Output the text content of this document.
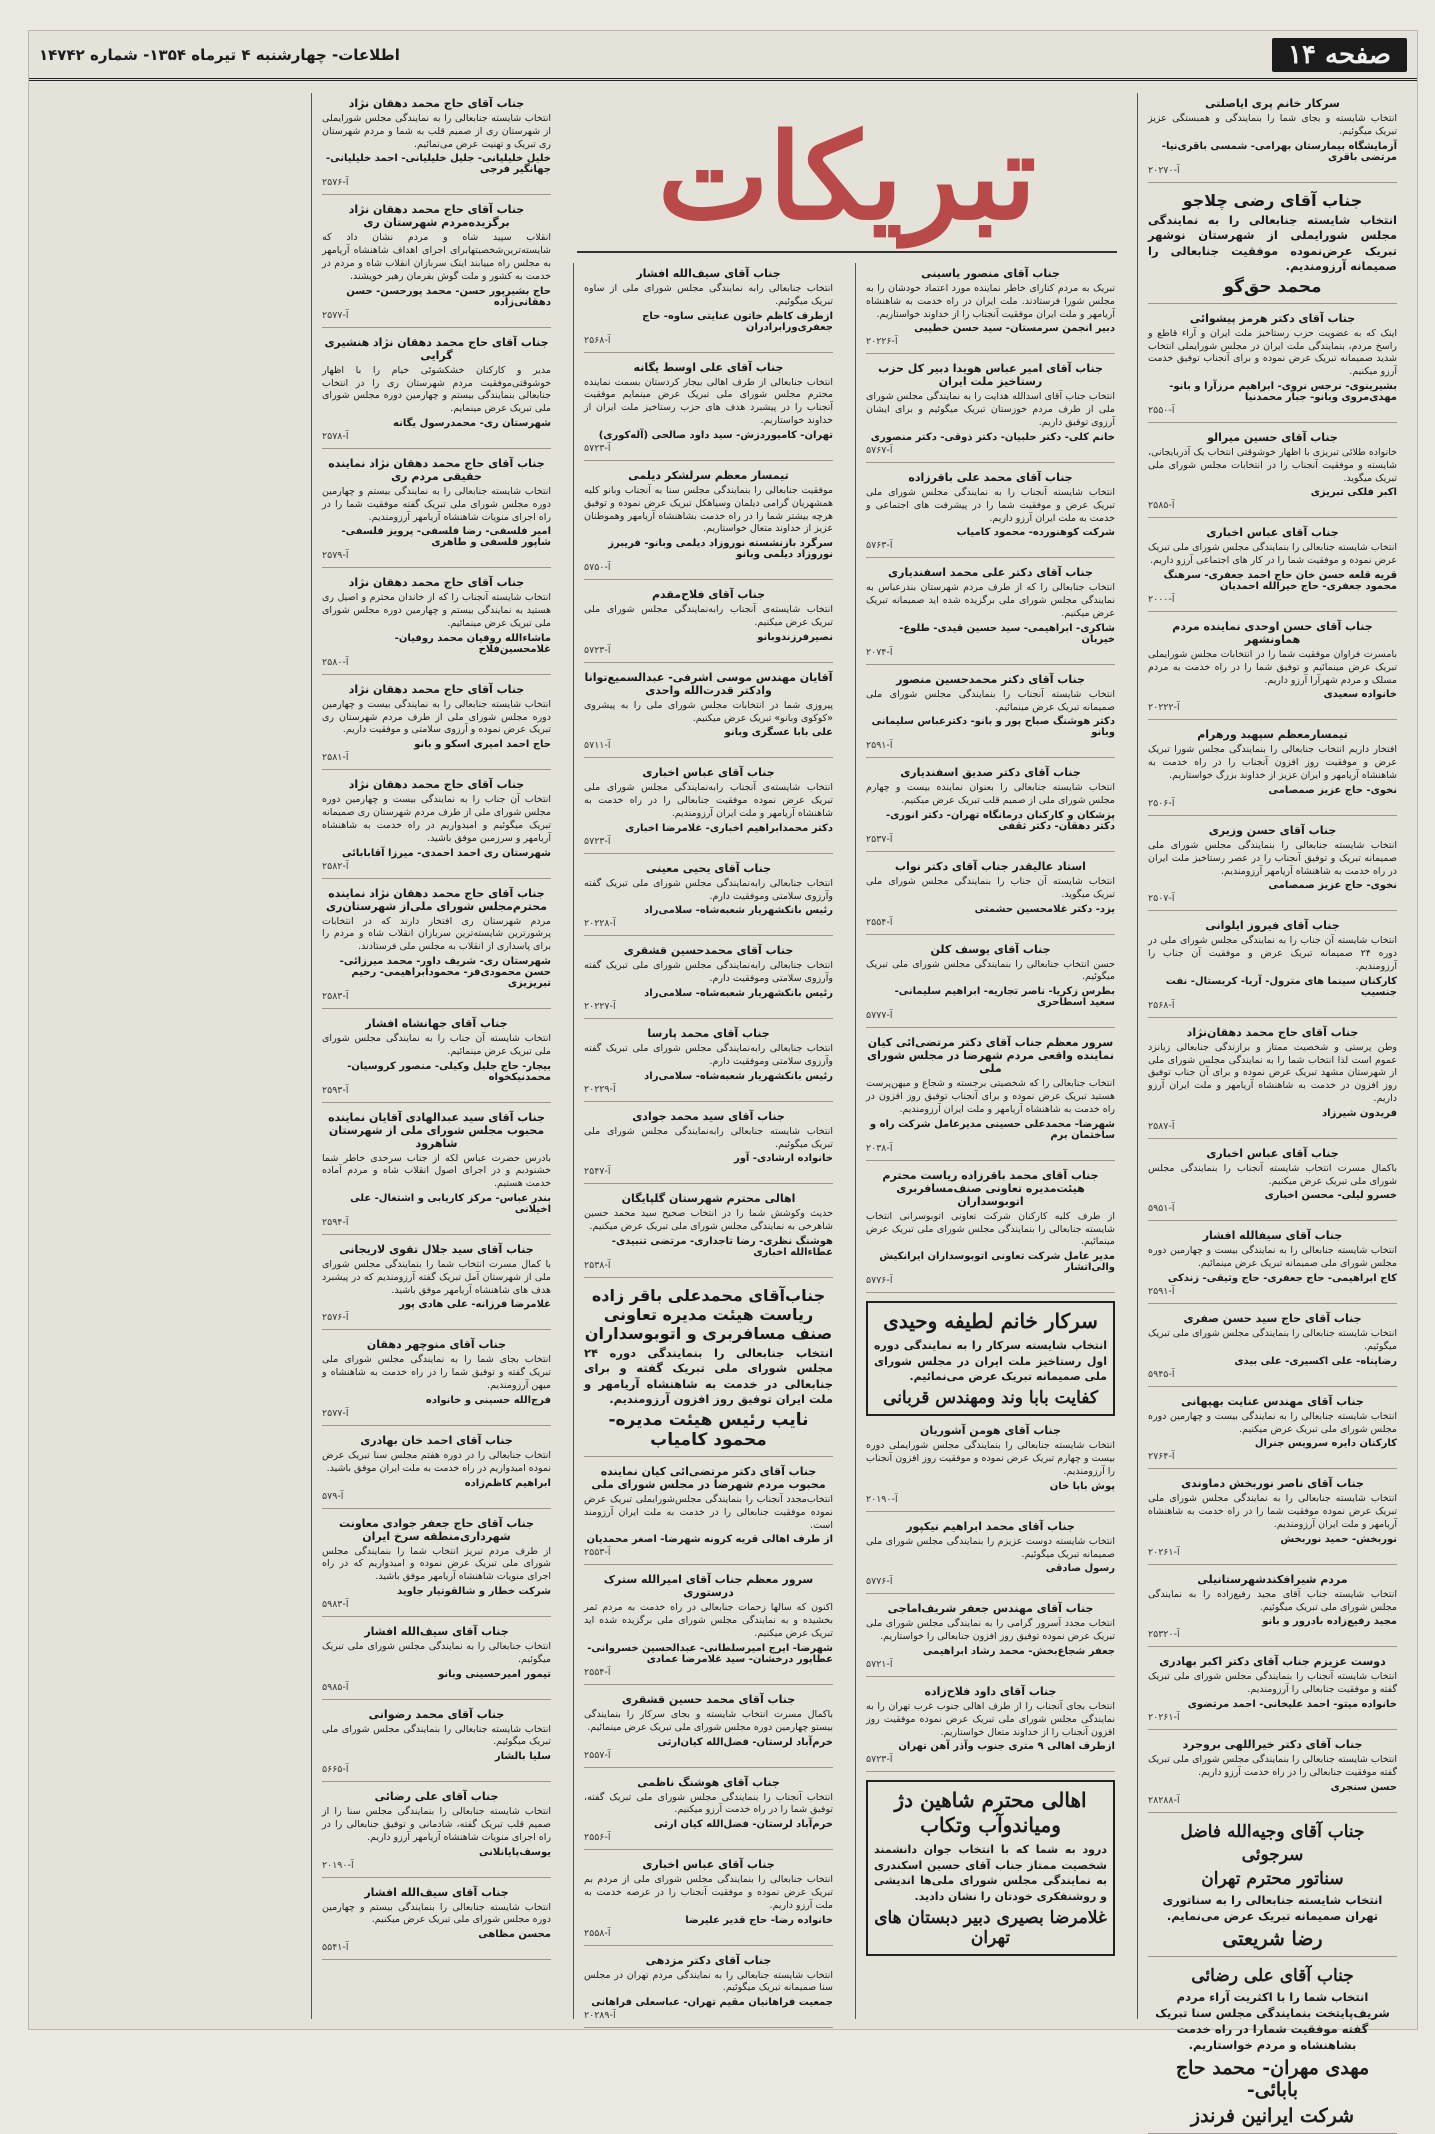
صفحه ۱۴
اطلاعات- چهارشنبه ۴ تیرماه ۱۳۵۴- شماره ۱۴۷۴۲
تبریکات
سرکار خانم پری ایاصلتی

انتخاب شایسته و بجای شما را بنمایندگی و همبستگی عزیز تبریک میگوئیم.

آزمایشگاه بیمارستان بهرامی- شمسی باقری‌نیا- مرتضی باقری
آ-۲۰۲۷۰
جناب آقای رضی چلاجو

انتخاب شایسته جنابعالی را به نمایندگی مجلس شورایملی از شهرستان نوشهر تبریک عرض‌نموده موفقیت جنابعالی را صمیمانه آرزومندیم.

محمد حق‌گو
جناب آقای دکتر هرمز پیشوائی

اینک که به عضویت حزب رستاخیز ملت ایران و آراء قاطع و راسخ مردم، بنمایندگی ملت ایران در مجلس شورایملی انتخاب شدید صمیمانه تبریک عرض نموده و برای آنجناب توفیق خدمت آرزو میکنیم.

بشیرینوی- نرجس نروی- ابراهیم مرزآرا و بانو- مهدی‌مروی وبانو- جبار محمدنیا
آ-۲۵۵۰
جناب آقای حسین میرالو

خانواده طلائی تبریزی با اظهار خوشوقتی انتخاب یک آذربایجانی، شایسته و موفقیت آنجناب را در انتخابات مجلس شورای ملی تبریک میگوید.

اکبر فلکی تبریزی
آ-۲۵۸۵
جناب آقای عباس اخباری

انتخاب شایسته جنابعالی را بنمایندگی مجلس شورای ملی تبریک عرض نموده و موفقیت شما را در کار های اجتماعی آرزو داریم.

قریه قلعه حسن خان حاج احمد جعفری- سرهنگ محمود جعفری- حاج خیرالله احمدیان
آ-۲۰۰۰
جناب آقای حسن اوحدی نماینده مردم هماونشهر

بامسرت فراوان موفقیت شما را در انتخابات مجلس شورایملی تبریک عرض مینمائیم و توفیق شما را در راه خدمت به مردم مسلک و مردم شهرآرا آرزو داریم.

خانواده سعیدی
آ-۲۰۲۲۲
تیمسارمعظم سپهبد ورهرام

افتخار داریم انتخاب جنابعالی را بنمایندگی مجلس شورا تبریک عرض و موفقیت روز افزون آنجناب را در راه خدمت به شاهنشاه آریامهر و ایران عزیز از خداوند بزرگ خواستاریم.

نخوی- حاج عزیز صمصامی
آ-۲۵۰۶
جناب آقای حسن وزیری

انتخاب شایسته جنابعالی را بنمایندگی مجلس شورای ملی صمیمانه تبریک و توفیق آنجناب را در عصر رستاخیز ملت ایران در راه خدمت به شاهنشاه آریامهر آرزومندیم.

نخوی- حاج عزیز صمصامی
آ-۲۵۰۷
جناب آقای فیروز ایلوانی

انتخاب شایسته آن جناب را به نمایندگی مجلس شورای ملی در دوره ۲۴ صمیمانه تبریک عرض و موفقیت آن جناب را آرزومندیم.

کارکنان سینما های مترول- آریا- کریستال- نفت جنسیب
آ-۲۵۶۸
جناب آقای حاج محمد دهقان‌نژاد

وطن پرستی و شخصیت ممتاز و برازندگی جنابعالی زبانزد عموم است لذا انتخاب شما را به نمایندگی مجلس شورای ملی از شهرستان مشهد تبریک عرض نموده و برای آن جناب توفیق روز افزون در خدمت به شاهنشاه آریامهر و ملت ایران آرزو داریم.

فریدون شیرزاد
آ-۲۵۸۷
جناب آقای عباس اخباری

باکمال مسرت انتخاب شایسته آنجناب را بنمایندگی مجلس شورای ملی تبریک عرض میکنیم.

خسرو لیلی- محسن اخباری
آ-۵۹۵۱
جناب آقای سیفالله افشار

انتخاب شایسته جنابعالی را به نمایندگی بیست و چهارمین دوره مجلس شورای ملی صمیمانه تبریک عرض مینمائیم.

کاج ابراهیمی- حاج جعفری- حاج وثیقی- زندکی
آ-۲۵۹۱
جناب آقای حاج سید حسن صفری

انتخاب شایسته جنابعالی را بنمایندگی مجلس شورای ملی تبریک میگوئیم.

رضاپناه- علی اکسیری- علی بیدی
آ-۵۹۴۵
جناب آقای مهندس عنایت بهپهانی

انتخاب شایسته جنابعالی را به نمایندگی بیست و چهارمین دوره مجلس شورای ملی تبریک عرض میکنیم.

کارکنان دایره سرویس جنرال
آ-۲۷۶۴
جناب آقای ناصر نوربخش دماوندی

انتخاب شایسته جنابعالی را به نمایندگی مجلس شورای ملی تبریک عرض نموده موفقیت شما را در راه خدمت به شاهنشاه آریامهر و ملت ایران آرزومندیم.

نوربخش- حمید نوربخش
آ-۲۰۲۶۱
مردم شیرافکندشهرستانیلی

انتخاب شایسته جناب آقای مجید رفیع‌زاده را به نمایندگی مجلس شورای ملی تبریک میگوئیم.

مجید رفیع‌زاده بادرور و بانو
آ-۲۵۳۲۰
دوست عزیزم جناب آقای دکتر اکبر بهادری

انتخاب شایسته آنجناب را بنمایندگی مجلس شورای ملی تبریک گفته و موفقیت جنابعالی را آرزومندیم.

خانواده میتو- احمد علیخانی- احمد مرتضوی
آ-۲۰۲۶۱
جناب آقای دکتر خیراللهی بروجرد

انتخاب شایسته جنابعالی را بنمایندگی مجلس شورای ملی تبریک گفته موفقیت جنابعالی را در راه خدمت آرزو داریم.

حسن سنجری
آ-۲۸۲۸۸
جناب آقای وجیه‌الله فاضل سرجوئی
سناتور محترم تهران
انتخاب شایسته جنابعالی را به سناتوری تهران صمیمانه تبریک عرض می‌نمایم.
رضا شریعتی
جناب آقای علی رضائی
انتخاب شما را با اکثریت آراء مردم شریف‌پایتخت بنمایندگی مجلس سنا تبریک گفته موفقیت شمارا در راه خدمت بشاهنشاه و مردم خواستاریم.
مهدی مهران- محمد حاج بابائی-
شرکت ایرانین فرندز
جناب آقای منصور یاسینی

تبریک به مردم کنارای خاطر نماینده مورد اعتماد خودشان را به مجلس شورا فرستادند. ملت ایران در راه خدمت به شاهنشاه آریامهر و ملت ایران موفقیت آنجناب را از خداوند خواستاریم.

دبیر انجمن سرمستان- سید حسن خطیبی
آ-۲۰۲۲۶
جناب آقای امیر عباس هویدا دبیر کل حزب رستاخیز ملت ایران

انتخاب جناب آقای اسدالله هدایت را به نمایندگی مجلس شورای ملی از طرف مردم خوزستان تبریک میگوئیم و برای ایشان آرزوی توفیق داریم.

خانم کلی- دکتر حلبیان- دکتر ذوقی- دکتر منصوری
آ-۵۷۶۷
جناب آقای محمد علی باقرزاده

انتخاب شایسته آنجناب را به نمایندگی مجلس شورای ملی تبریک عرض و موفقیت شما را در پیشرفت های اجتماعی و خدمت به ملت ایران آرزو داریم.

شرکت کوهنورده- محمود کامیاب
آ-۵۷۶۳
جناب آقای دکتر علی محمد اسفندیاری

انتخاب جنابعالی را که از طرف مردم شهرستان بندرعباس به نمایندگی مجلس شورای ملی برگزیده شده اید صمیمانه تبریک عرض میکنیم.

شاکری- ابراهیمی- سید حسین قیدی- طلوع- خیریان
آ-۲۰۷۴
جناب آقای دکتر محمدحسین منصور

انتخاب شایسته آنجناب را بنمایندگی مجلس شورای ملی صمیمانه تبریک عرض مینمائیم.

دکتر هوشنگ صباح پور و بانو- دکترعباس سلیمانی وبانو
آ-۲۵۹۱
جناب آقای دکتر صدیق اسفندیاری

انتخاب شایسته جنابعالی را بعنوان نماینده بیست و چهارم مجلس شورای ملی از صمیم قلب تبریک عرض میکنیم.

پزشکان و کارکنان درمانگاه تهران- دکتر انوری- دکتر دهقان- دکتر ثقفی
آ-۲۵۳۷
استاد عالیقدر جناب آقای دکتر نواب

انتخاب شایسته آن جناب را بنمایندگی مجلس شورای ملی تبریک میگوید.

یزد- دکتر غلامحسین حشمتی
آ-۲۵۵۴
جناب آقای یوسف کلن

حسن انتخاب جنابعالی را بنمایندگی مجلس شورای ملی تبریک میگوئیم.

بطرس زکریا- ناصر تجاریه- ابراهیم سلیمانی- سعید اسطاحری
آ-۵۷۷۷
سرور معظم جناب آقای دکتر مرتضی‌ائی کیان نماینده واقعی مردم شهرضا در مجلس شورای ملی

انتخاب جنابعالی را که شخصیتی برجسته و شجاع و میهن‌پرست هستید تبریک عرض نموده و برای آنجناب توفیق روز افزون در راه خدمت به شاهنشاه آریامهر و ملت ایران آرزومندیم.

شهرضا- محمدعلی حسینی مدیرعامل شرکت راه و ساختمان برم
آ-۲۰۳۸
جناب آقای محمد باقرزاده ریاست محترم هیئت‌مدیره تعاونی صنف‌مسافربری اتوبوسداران

از طرف کلیه کارکنان شرکت تعاونی اتوبوسرانی انتخاب شایسته جنابعالی را بنمایندگی مجلس شورای ملی تبریک عرض مینمائیم.

مدیر عامل شرکت تعاونی اتوبوسداران ایرانکیش والی‌اتشار
آ-۵۷۷۶
سرکار خانم لطیفه وحیدی
انتخاب شایسته سرکار را به نمایندگی دوره اول رستاخیز ملت ایران در مجلس شورای ملی صمیمانه تبریک عرض می‌نمائیم.
کفایت بابا وند ومهندس قربانی
جناب آقای هومن آشوریان

انتخاب شایسته جنابعالی را بنمایندگی مجلس شورایملی دوره بیست و چهارم تبریک عرض نموده و موفقیت روز افزون آنجناب را آرزومندیم.

پوش بابا خان
آ-۲۰۱۹۰
جناب آقای محمد ابراهیم نیکپور

انتخاب شایسته دوست عزیزم را بنمایندگی مجلس شورای ملی صمیمانه تبریک میگوئیم.

رسول صادقی
آ-۵۷۷۶
جناب آقای مهندس جعفر شریف‌اماجی

انتخاب مجدد آسرور گرامی را به نمایندگی مجلس شورای ملی تبریک عرض نموده توفیق روز افزون جنابعالی را خواستاریم.

جعفر شجاع‌بخش- محمد رشاد ابراهیمی
آ-۵۷۲۱
جناب آقای داود فلاح‌زاده

انتخاب بجای آنجناب را از طرف اهالی جنوب غرب تهران را به نمایندگی مجلس شورای ملی تبریک عرض نموده موفقیت روز افزون آنجناب را از خداوند متعال خواستاریم.

ازطرف اهالی ۹ متری جنوب وآذر آهن تهران
آ-۵۷۲۳
اهالی محترم شاهین دژ
ومیاندوآب وتکاب
درود به شما که با انتخاب جوان دانشمند شخصیت ممتاز جناب آقای حسین اسکندری به نمایندگی مجلس شورای ملی‌ها اندیشی و روشنفکری خودتان را نشان دادید.
غلامرضا بصیری دبیر دبستان های تهران
جناب آقای سیف‌الله افشار

انتخاب جنابعالی رابه نمایندگی مجلس شورای ملی از ساوه تبریک میگوئیم.

ازطرف کاظم خاتون عنایتی ساوه- حاج جعفری‌ورابرادران
آ-۲۵۶۸
جناب آقای علی اوسط یگانه

انتخاب جنابعالی از طرف اهالی بیجار کردستان بسمت نماینده محترم مجلس شورای ملی تبریک عرض مینمایم موفقیت آنجناب را در پیشبرد هدف های حزب رستاخیز ملت ایران از خداوند خواستاریم.

تهران- کامیوردزش- سید داود صالحی (آله‌کوری)
آ-۵۷۲۳
تیمسار معظم سرلشکر دیلمی

موفقیت جنابعالی را بنمایندگی مجلس سنا به آنجناب وبانو کلیه همشهریان گرامی دیلمان وسیاهکل تبریک عرض نموده و توفیق هرچه بیشتر شما را در راه خدمت بشاهنشاه آریامهر وهموطنان عزیز از خداوند متعال خواستاریم.

سرگرد بازنشسته نوروزاد دیلمی وبانو- فریبرز نوروزاد دیلمی وبانو
آ-۵۷۵۰
جناب آقای فلاح‌مقدم

انتخاب شایسته‌ی آنجناب رابه‌نمایندگی مجلس شورای ملی تبریک عرض میکنیم.

نصیرفرزندوبانو
آ-۵۷۲۳
آقایان مهندس موسی اشرفی- عبدالسمیع‌توانا وادکتر قدرت‌الله واحدی

پیروزی شما در انتخابات مجلس شورای ملی را به پیشروی «کوکوی وبانو» تبریک عرض میکنیم.

علی بابا عسگری وبانو
آ-۵۷۱۱
جناب آقای عباس اخباری

انتخاب شایسته‌ی آنجناب رابه‌نمایندگی مجلس شورای ملی تبریک عرض نموده موفقیت جنابعالی را در راه خدمت به شاهنشاه آریامهر و ملت ایران آرزومندیم.

دکتر محمدابراهیم اخباری- غلامرضا اخباری
آ-۵۷۲۳
جناب آقای یحیی معینی

انتخاب جنابعالی رابه‌نمایندگی مجلس شورای ملی تبریک گفته وآرزوی سلامتی وموفقیت دارم.

رئیس بانکشهریار شعبه‌شاه- سلامی‌راد
آ-۲۰۲۲۸
جناب آقای محمدحسین قشقری

انتخاب جنابعالی رابه‌نمایندگی مجلس شورای ملی تبریک گفته وآرزوی سلامتی وموفقیت دارم.

رئیس بانکشهریار شعبه‌شاه- سلامی‌راد
آ-۲۰۲۲۷
جناب آقای محمد پارسا

انتخاب جنابعالی رابه‌نمایندگی مجلس شورای ملی تبریک گفته وآرزوی سلامتی وموفقیت دارم.

رئیس بانکشهریار شعبه‌شاه- سلامی‌راد
آ-۲۰۲۲۹
جناب آقای سید محمد جوادی

انتخاب شایسته جنابعالی رابه‌نمایندگی مجلس شورای ملی تبریک میگوئیم.

خانواده ارشادی- آور
آ-۲۵۴۷
اهالی محترم شهرستان گلپایگان

حدیث وکوشش شما را در انتخاب صحیح سید محمد حسین شاهرخی به نمایندگی مجلس شورای ملی تبریک عرض میکنیم.

هوشنگ نظری- رضا تاجداری- مرتضی تنبیدی- عطاءالله اخباری
آ-۲۵۳۸
جناب‌آقای محمدعلی باقر زاده ریاست هیئت مدیره تعاونی صنف مسافربری و اتوبوسداران

انتخاب جنابعالی را بنمایندگی دوره ۲۴ مجلس شورای ملی تبریک گفته و برای جنابعالی در خدمت به شاهنشاه آریامهر و ملت ایران توفیق روز افزون آرزومندیم.

نایب رئیس هیئت مدیره- محمود کامیاب
جناب آقای دکتر مرتضی‌ائی کیان نماینده محبوب مردم شهرضا در مجلس شورای ملی

انتخاب‌مجدد آنجناب را بنمایندگی مجلس‌شورایملی تبریک عرض نموده موفقیت جنابعالی را در خدمت به ملت ایران آرزومند است.

از طرف اهالی قریه کرونه شهرضا- اصغر محمدیان
آ-۲۵۵۳
سرور معظم جناب آقای امیرالله سترک درستوری

اکنون که سالها زحمات جنابعالی در راه خدمت به مردم ثمر بخشیده و به نمایندگی مجلس شورای ملی برگزیده شده اید تبریک عرض میکنیم.

شهرضا- ایرج امیرسلطانی- عبدالحسین خسروانی- عطاپور درخشان- سید غلامرضا عمادی
آ-۲۵۵۴
جناب آقای محمد حسین قشقری

باکمال مسرت انتخاب شایسته و بجای سرکار را بنمایندگی بیستو چهارمین دوره مجلس شورای ملی تبریک عرض مینمائیم.

خرم‌آباد لرستان- فضل‌الله کیان‌ارثی
آ-۲۵۵۷
جناب آقای هوشنگ ناظمی

انتخاب آنجناب را بنمایندگی مجلس شورای ملی تبریک گفته، توفیق شما را در راه خدمت آرزو میکنیم.

خرم‌آباد لرستان- فضل‌الله کیان ارثی
آ-۲۵۵۶
جناب آقای عباس اخباری

انتخاب جنابعالی را بنمایندگی مجلس شورای ملی از مردم بم تبریک عرض نموده و موفقیت آنجناب را در عرصه خدمت به ملت آرزو داریم.

خانواده رضا- حاج قدیر علیرضا
آ-۲۵۵۸
جناب آقای دکتر مزدهی

انتخاب شایسته جنابعالی را به نمایندگی مردم تهران در مجلس سنا صمیمانه تبریک میگوئیم.

جمعیت فراهانیان مقیم تهران- عباسعلی فراهانی
آ-۲۰۲۸۹
جناب آقای حاج محمد دهقان نژاد

انتخاب شایسته جنابعالی را به نمایندگی مجلس شورایملی از شهرستان ری از صمیم قلب به شما و مردم شهرستان ری تبریک و تهنیت عرض می‌نمائیم.

خلیل خلیلیانی- جلیل خلیلیانی- احمد خلیلیانی- جهانگیر فرجی
آ-۲۵۷۶
جناب آقای حاج محمد دهقان نژاد برگزیده‌مردم شهرستان ری

انقلاب سپید شاه و مردم نشان داد که شایسته‌ترین‌شخصیتها‌برای اجرای اهداف شاهنشاه آریامهر به مجلس راه مییابند اینک سربازان انقلاب شاه و مردم در خدمت به کشور و ملت گوش بفرمان رهبر خویشند.

حاج بشیرپور حسن- محمد پورحسن- حسن دهقانی‌زاده
آ-۲۵۷۷
جناب آقای حاج محمد دهقان نژاد هنشیری گرایی

مدیر و کارکنان خشکشوئی خیام را با اظهار خوشوقتی‌موفقیت مردم شهرستان ری را در انتخاب جنابعالی بنمایندگی بیستم و چهارمین دوره مجلس شورای ملی تبریک عرض مینمایم.

شهرستان ری- محمدرسول یگانه
آ-۲۵۷۸
جناب آقای حاج محمد دهقان نژاد نماینده حقیقی مردم ری

انتخاب شایسته جنابعالی را به نمایندگی بیستم و چهارمین دوره مجلس شورای ملی تبریک گفته موفقیت شما را در راه اجرای منویات شاهنشاه آریامهر آرزومندیم.

امیر فلسفی- رضا فلسفی- پرویز فلسفی- شاپور فلسفی و طاهری
آ-۲۵۷۹
جناب آقای حاج محمد دهقان نژاد

انتخاب شایسته آنجناب را که از خاندان محترم و اصیل ری هستید به نمایندگی بیستم و چهارمین دوره مجلس شورای ملی تبریک عرض مینمائیم.

ماشاءالله روفیان محمد روفیان- غلامحسین‌فلاح
آ-۲۵۸۰
جناب آقای حاج محمد دهقان نژاد

انتخاب شایسته جنابعالی را به نمایندگی بیست و چهارمین دوره مجلس شورای ملی از طرف مردم شهرستان ری تبریک عرض نموده و آرزوی سلامتی و موفقیت داریم.

حاج احمد امیری اسکو و بانو
آ-۲۵۸۱
جناب آقای حاج محمد دهقان نژاد

انتخاب آن جناب را به نمایندگی بیست و چهارمین دوره مجلس شورای ملی از طرف مردم شهرستان ری صمیمانه تبریک میگوئیم و امیدواریم در راه خدمت به شاهنشاه آریامهر و سرزمین موفق باشید.

شهرستان ری احمد احمدی- میرزا آقابابائی
آ-۲۵۸۲
جناب آقای حاج محمد دهقان نژاد نماینده محترم‌مجلس شورای ملی‌از شهرستان‌ری

مردم شهرستان ری افتخار دارند که در انتخابات پرشورترین شایسته‌ترین سربازان انقلاب شاه و مردم را برای پاسداری از انقلاب به مجلس ملی فرستادند.

شهرستان ری- شریف داور- محمد میرزائی- حسن محمودی‌فر- محمودابراهیمی- رحیم تبریزیزی
آ-۲۵۸۳
جناب آقای جهانشاه افشار

انتخاب شایسته آن جناب را به نمایندگی مجلس شورای ملی تبریک عرض مینمائیم.

بیجار- حاج جلیل وکیلی- منصور کروسیان- محمدنیکخواه
آ-۲۵۹۳
جناب آقای سید عبدالهادی آقایان نماینده محبوب مجلس شورای ملی از شهرستان شاهرود

بادرس حضرت عباس لکه از جناب سرحدی خاطر شما خشنودیم و در اجرای اصول انقلاب شاه و مردم آماده خدمت هستیم.

بندر عباس- مرکز کاریابی و اشتغال- علی اخیلانی
آ-۲۵۹۴
جناب آقای سید جلال تقوی لاریجانی

با کمال مسرت انتخاب شما را بنمایندگی مجلس شورای ملی از شهرستان آمل تبریک گفته آرزومندیم که در پیشبرد هدف های شاهنشاه آریامهر موفق باشید.

غلامرضا فرزانه- علی هادی پور
آ-۲۵۷۶
جناب آقای منوچهر دهقان

انتخاب بجای شما را به نمایندگی مجلس شورای ملی تبریک گفته و توفیق شما را در راه خدمت به شاهنشاه و میهن آرزومندیم.

فرج‌الله حسینی و خانواده
آ-۲۵۷۷
جناب آقای احمد خان بهادری

انتخاب جنابعالی را در دوره هفتم مجلس سنا تبریک عرض نموده امیدواریم در راه خدمت به ملت ایران موفق باشید.

ابراهیم کاظم‌زاده
آ-۵۷۹
جناب آقای حاج جعفر جوادی معاونت شهرداری‌منطقه سرخ ایران

از طرف مردم تبریز انتخاب شما را بنمایندگی مجلس شورای ملی تبریک عرض نموده و امیدواریم که در راه اجرای منویات شاهنشاه آریامهر موفق باشید.

شرکت خطار و شالقوتیار جاوید
آ-۵۹۸۳
جناب آقای سیف‌الله افشار

انتخاب جنابعالی را به نمایندگی مجلس شورای ملی تبریک میگوئیم.

تیمور امیرحسینی وبانو
آ-۵۹۸۵
جناب آقای محمد رضوانی

انتخاب شایسته جنابعالی را بنمایندگی مجلس شورای ملی تبریک میگوئیم.

سلیا بالشار
آ-۵۶۶۵
جناب آقای علی رضائی

انتخاب شایسته جنابعالی را بنمایندگی مجلس سنا را از صمیم قلب تبریک گفته، شادمانی و توفیق جنابعالی را در راه اجرای منویات شاهنشاه آریامهر آرزو داریم.

یوسف‌پایانلانی
آ-۲۰۱۹۰
جناب آقای سیف‌الله افشار

انتخاب شایسته جنابعالی را بنمایندگی بیستم و چهارمین دوره مجلس شورای ملی تبریک عرض میکنیم.

محسن مظاهی
آ-۵۵۴۱
